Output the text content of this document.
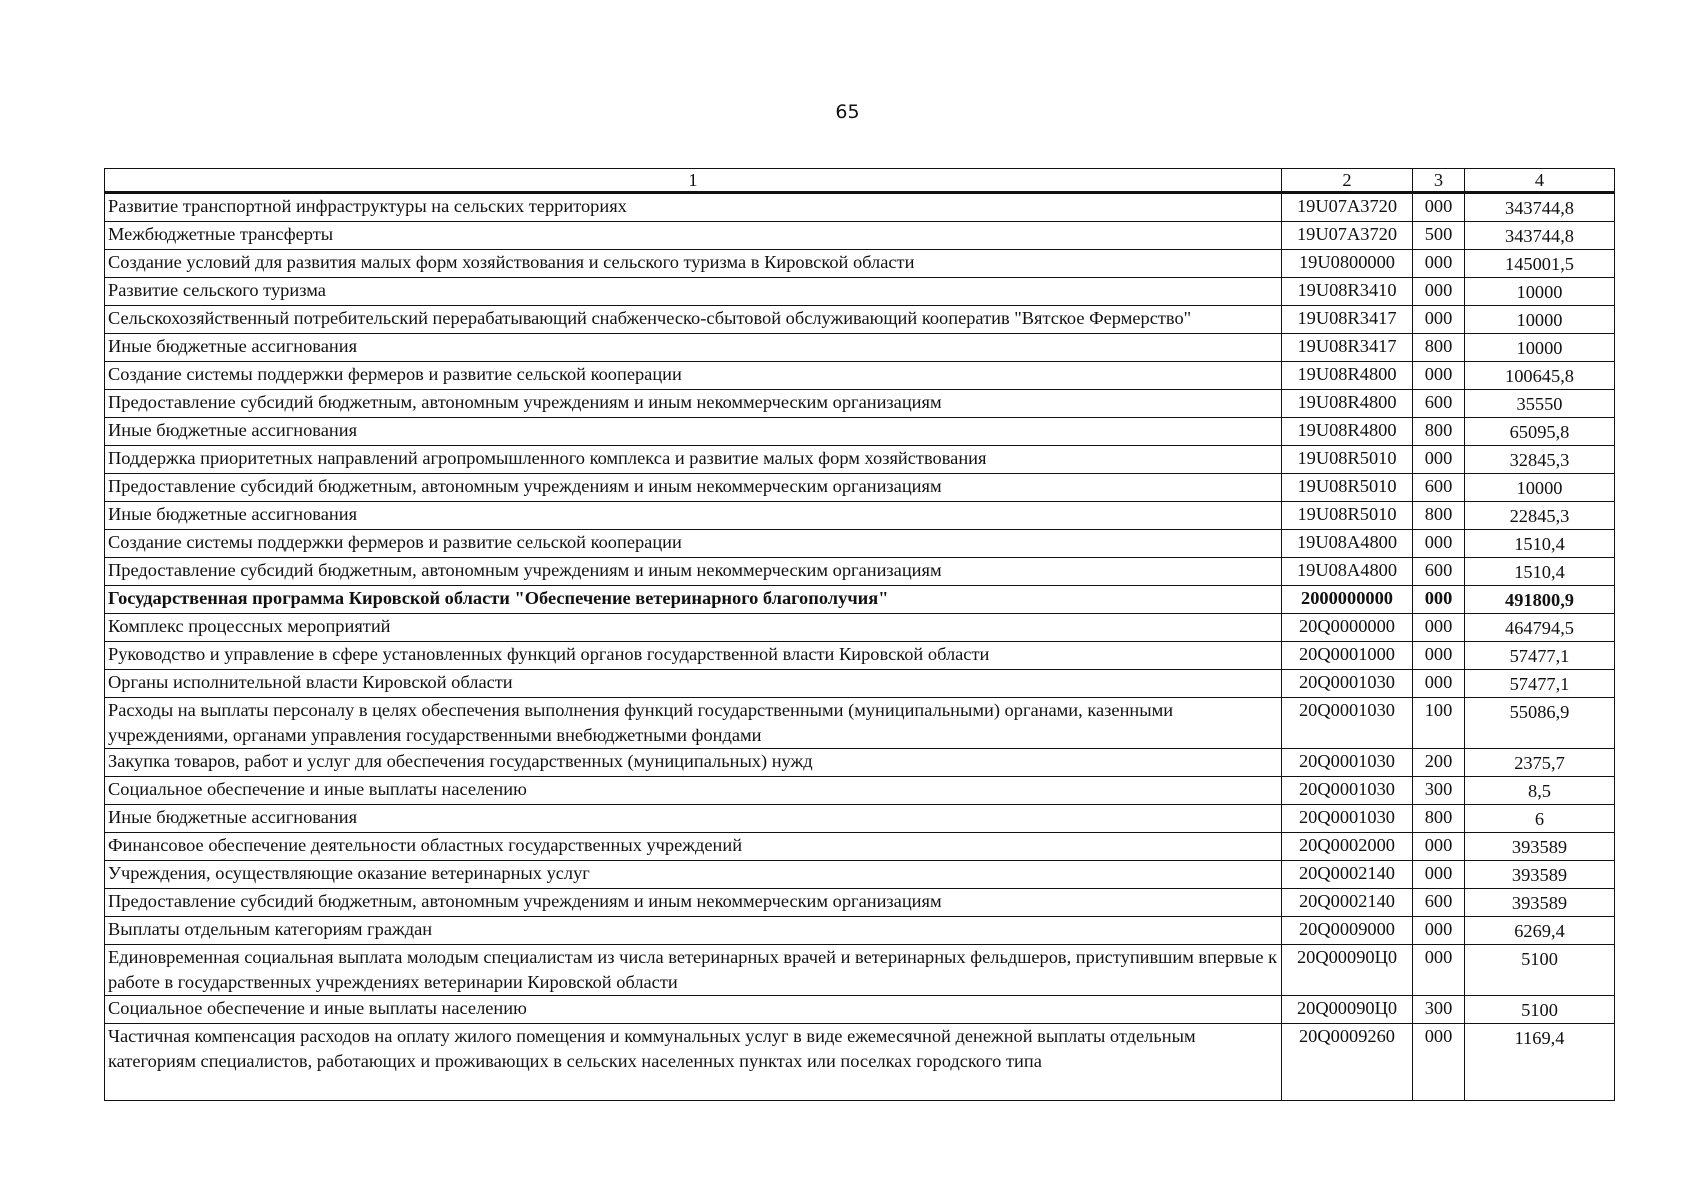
65
1	2	3	4
Развитие транспортной инфраструктуры на сельских территориях	19U07A3720	000	343744,8
Межбюджетные трансферты	19U07A3720	500	343744,8
Создание условий для развития малых форм хозяйствования и сельского туризма в Кировской области	19U0800000	000	145001,5
Развитие сельского туризма	19U08R3410	000	10000
Сельскохозяйственный потребительский перерабатывающий снабженческо-сбытовой обслуживающий кооператив "Вятское Фермерство"	19U08R3417	000	10000
Иные бюджетные ассигнования	19U08R3417	800	10000
Создание системы поддержки фермеров и развитие сельской кооперации	19U08R4800	000	100645,8
Предоставление субсидий бюджетным, автономным учреждениям и иным некоммерческим организациям	19U08R4800	600	35550
Иные бюджетные ассигнования	19U08R4800	800	65095,8
Поддержка приоритетных направлений агропромышленного комплекса и развитие малых форм хозяйствования	19U08R5010	000	32845,3
Предоставление субсидий бюджетным, автономным учреждениям и иным некоммерческим организациям	19U08R5010	600	10000
Иные бюджетные ассигнования	19U08R5010	800	22845,3
Создание системы поддержки фермеров и развитие сельской кооперации	19U08A4800	000	1510,4
Предоставление субсидий бюджетным, автономным учреждениям и иным некоммерческим организациям	19U08A4800	600	1510,4
Государственная программа Кировской области "Обеспечение ветеринарного благополучия"	2000000000	000	491800,9
Комплекс процессных мероприятий	20Q0000000	000	464794,5
Руководство и управление в сфере установленных функций органов государственной власти Кировской области	20Q0001000	000	57477,1
Органы исполнительной власти Кировской области	20Q0001030	000	57477,1
Расходы на выплаты персоналу в целях обеспечения выполнения функций государственными (муниципальными) органами, казенными учреждениями, органами управления государственными внебюджетными фондами	20Q0001030	100	55086,9
Закупка товаров, работ и услуг для обеспечения государственных (муниципальных) нужд	20Q0001030	200	2375,7
Социальное обеспечение и иные выплаты населению	20Q0001030	300	8,5
Иные бюджетные ассигнования	20Q0001030	800	6
Финансовое обеспечение деятельности областных государственных учреждений	20Q0002000	000	393589
Учреждения, осуществляющие оказание ветеринарных услуг	20Q0002140	000	393589
Предоставление субсидий бюджетным, автономным учреждениям и иным некоммерческим организациям	20Q0002140	600	393589
Выплаты отдельным категориям граждан	20Q0009000	000	6269,4
Единовременная социальная выплата молодым специалистам из числа ветеринарных врачей и ветеринарных фельдшеров, приступившим впервые к работе в государственных учреждениях ветеринарии Кировской области	20Q00090Ц0	000	5100
Социальное обеспечение и иные выплаты населению	20Q00090Ц0	300	5100
Частичная компенсация расходов на оплату жилого помещения и коммунальных услуг в виде ежемесячной денежной выплаты отдельным категориям специалистов, работающих и проживающих в сельских населенных пунктах или поселках городского типа	20Q0009260	000	1169,4
